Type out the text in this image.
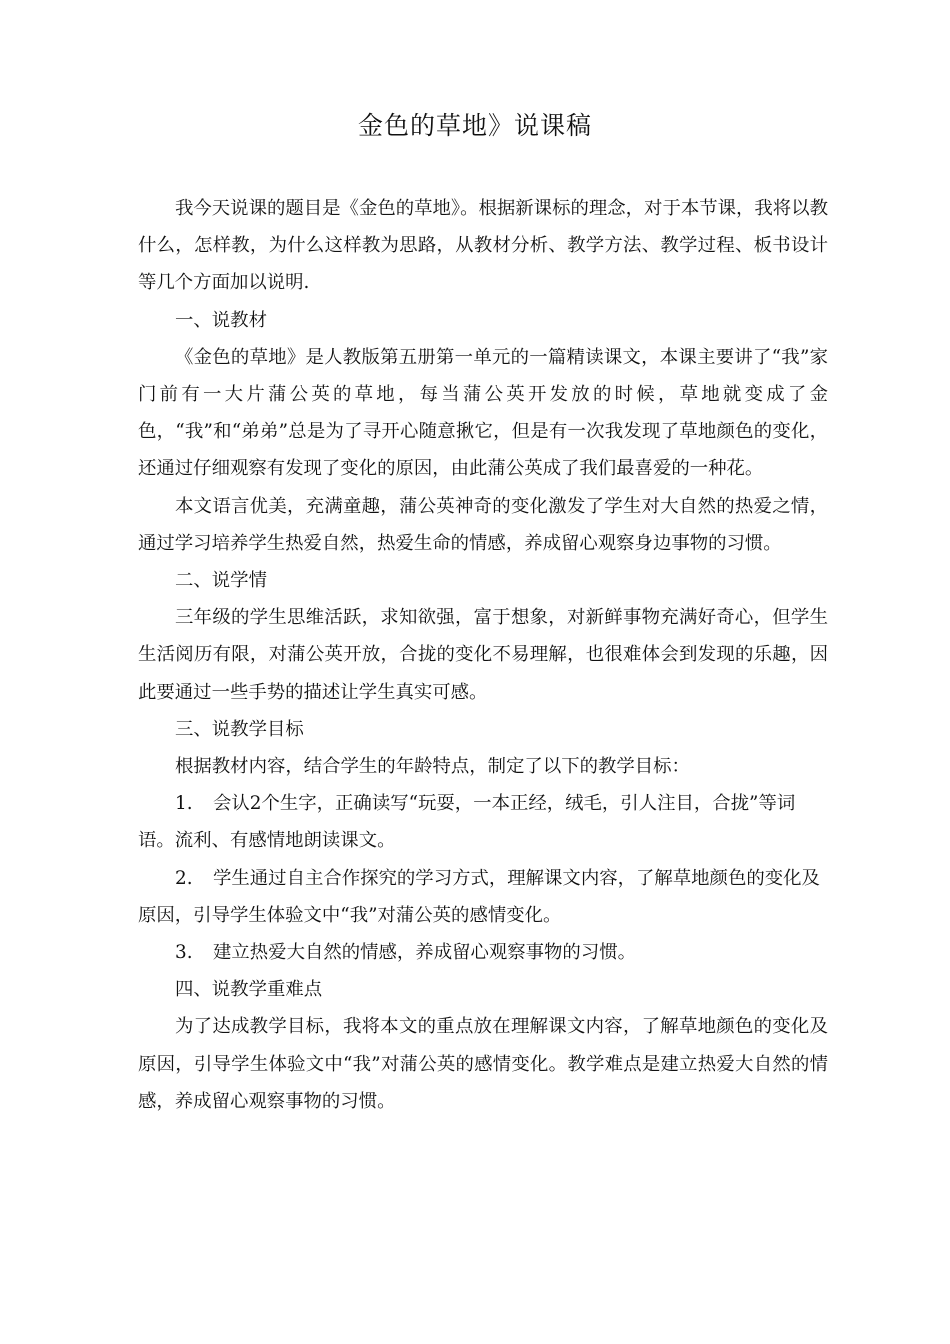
金色的草地》说课稿

我今天说课的题目是《金色的草地》。根据新课标的理念，对于本节课，我将以教什么，怎样教，为什么这样教为思路，从教材分析、教学方法、教学过程、板书设计等几个方面加以说明.

一、说教材

《金色的草地》是人教版第五册第一单元的一篇精读课文，本课主要讲了“我”家门前有一大片蒲公英的草地，每当蒲公英开发放的时候，草地就变成了金色，“我”和“弟弟”总是为了寻开心随意揪它，但是有一次我发现了草地颜色的变化，还通过仔细观察有发现了变化的原因，由此蒲公英成了我们最喜爱的一种花。

本文语言优美，充满童趣，蒲公英神奇的变化激发了学生对大自然的热爱之情，通过学习培养学生热爱自然，热爱生命的情感，养成留心观察身边事物的习惯。

二、说学情

三年级的学生思维活跃，求知欲强，富于想象，对新鲜事物充满好奇心，但学生生活阅历有限，对蒲公英开放，合拢的变化不易理解，也很难体会到发现的乐趣，因此要通过一些手势的描述让学生真实可感。

三、说教学目标

根据教材内容，结合学生的年龄特点，制定了以下的教学目标：

1. 会认2个生字，正确读写“玩耍，一本正经，绒毛，引人注目，合拢”等词语。流利、有感情地朗读课文。

2. 学生通过自主合作探究的学习方式，理解课文内容，了解草地颜色的变化及原因，引导学生体验文中“我”对蒲公英的感情变化。

3. 建立热爱大自然的情感，养成留心观察事物的习惯。

四、说教学重难点

为了达成教学目标，我将本文的重点放在理解课文内容，了解草地颜色的变化及原因，引导学生体验文中“我”对蒲公英的感情变化。教学难点是建立热爱大自然的情感，养成留心观察事物的习惯。
